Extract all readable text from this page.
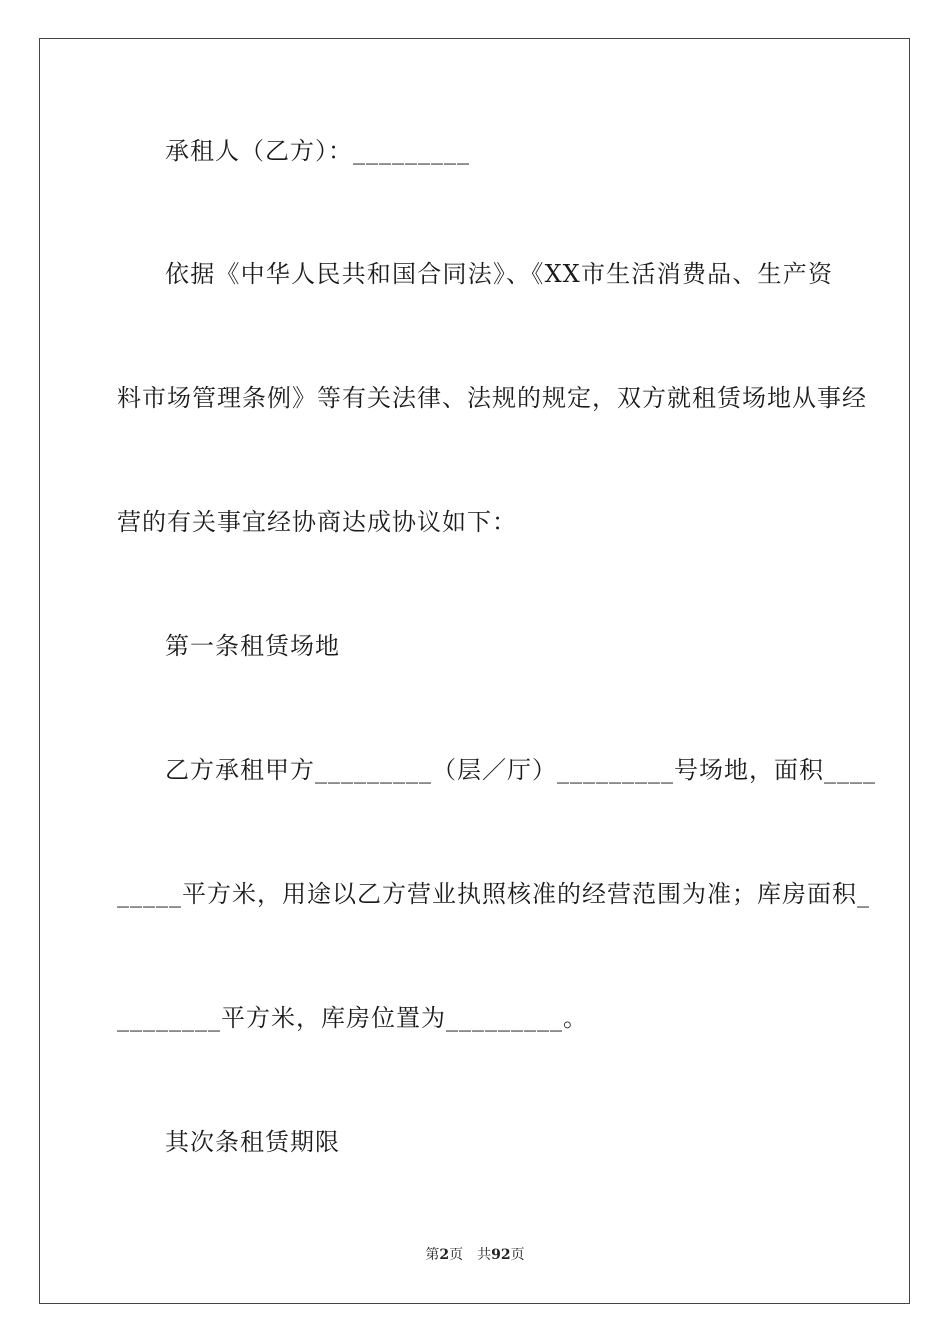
承租人（乙方）：_________
依据《中华人民共和国合同法》、《XX市生活消费品、生产资
料市场管理条例》等有关法律、法规的规定，双方就租赁场地从事经
营的有关事宜经协商达成协议如下：
第一条租赁场地
乙方承租甲方_________（层／厅）_________号场地，面积____
_____平方米，用途以乙方营业执照核准的经营范围为准；库房面积_
________平方米，库房位置为_________。
其次条租赁期限
第2页 共92页
